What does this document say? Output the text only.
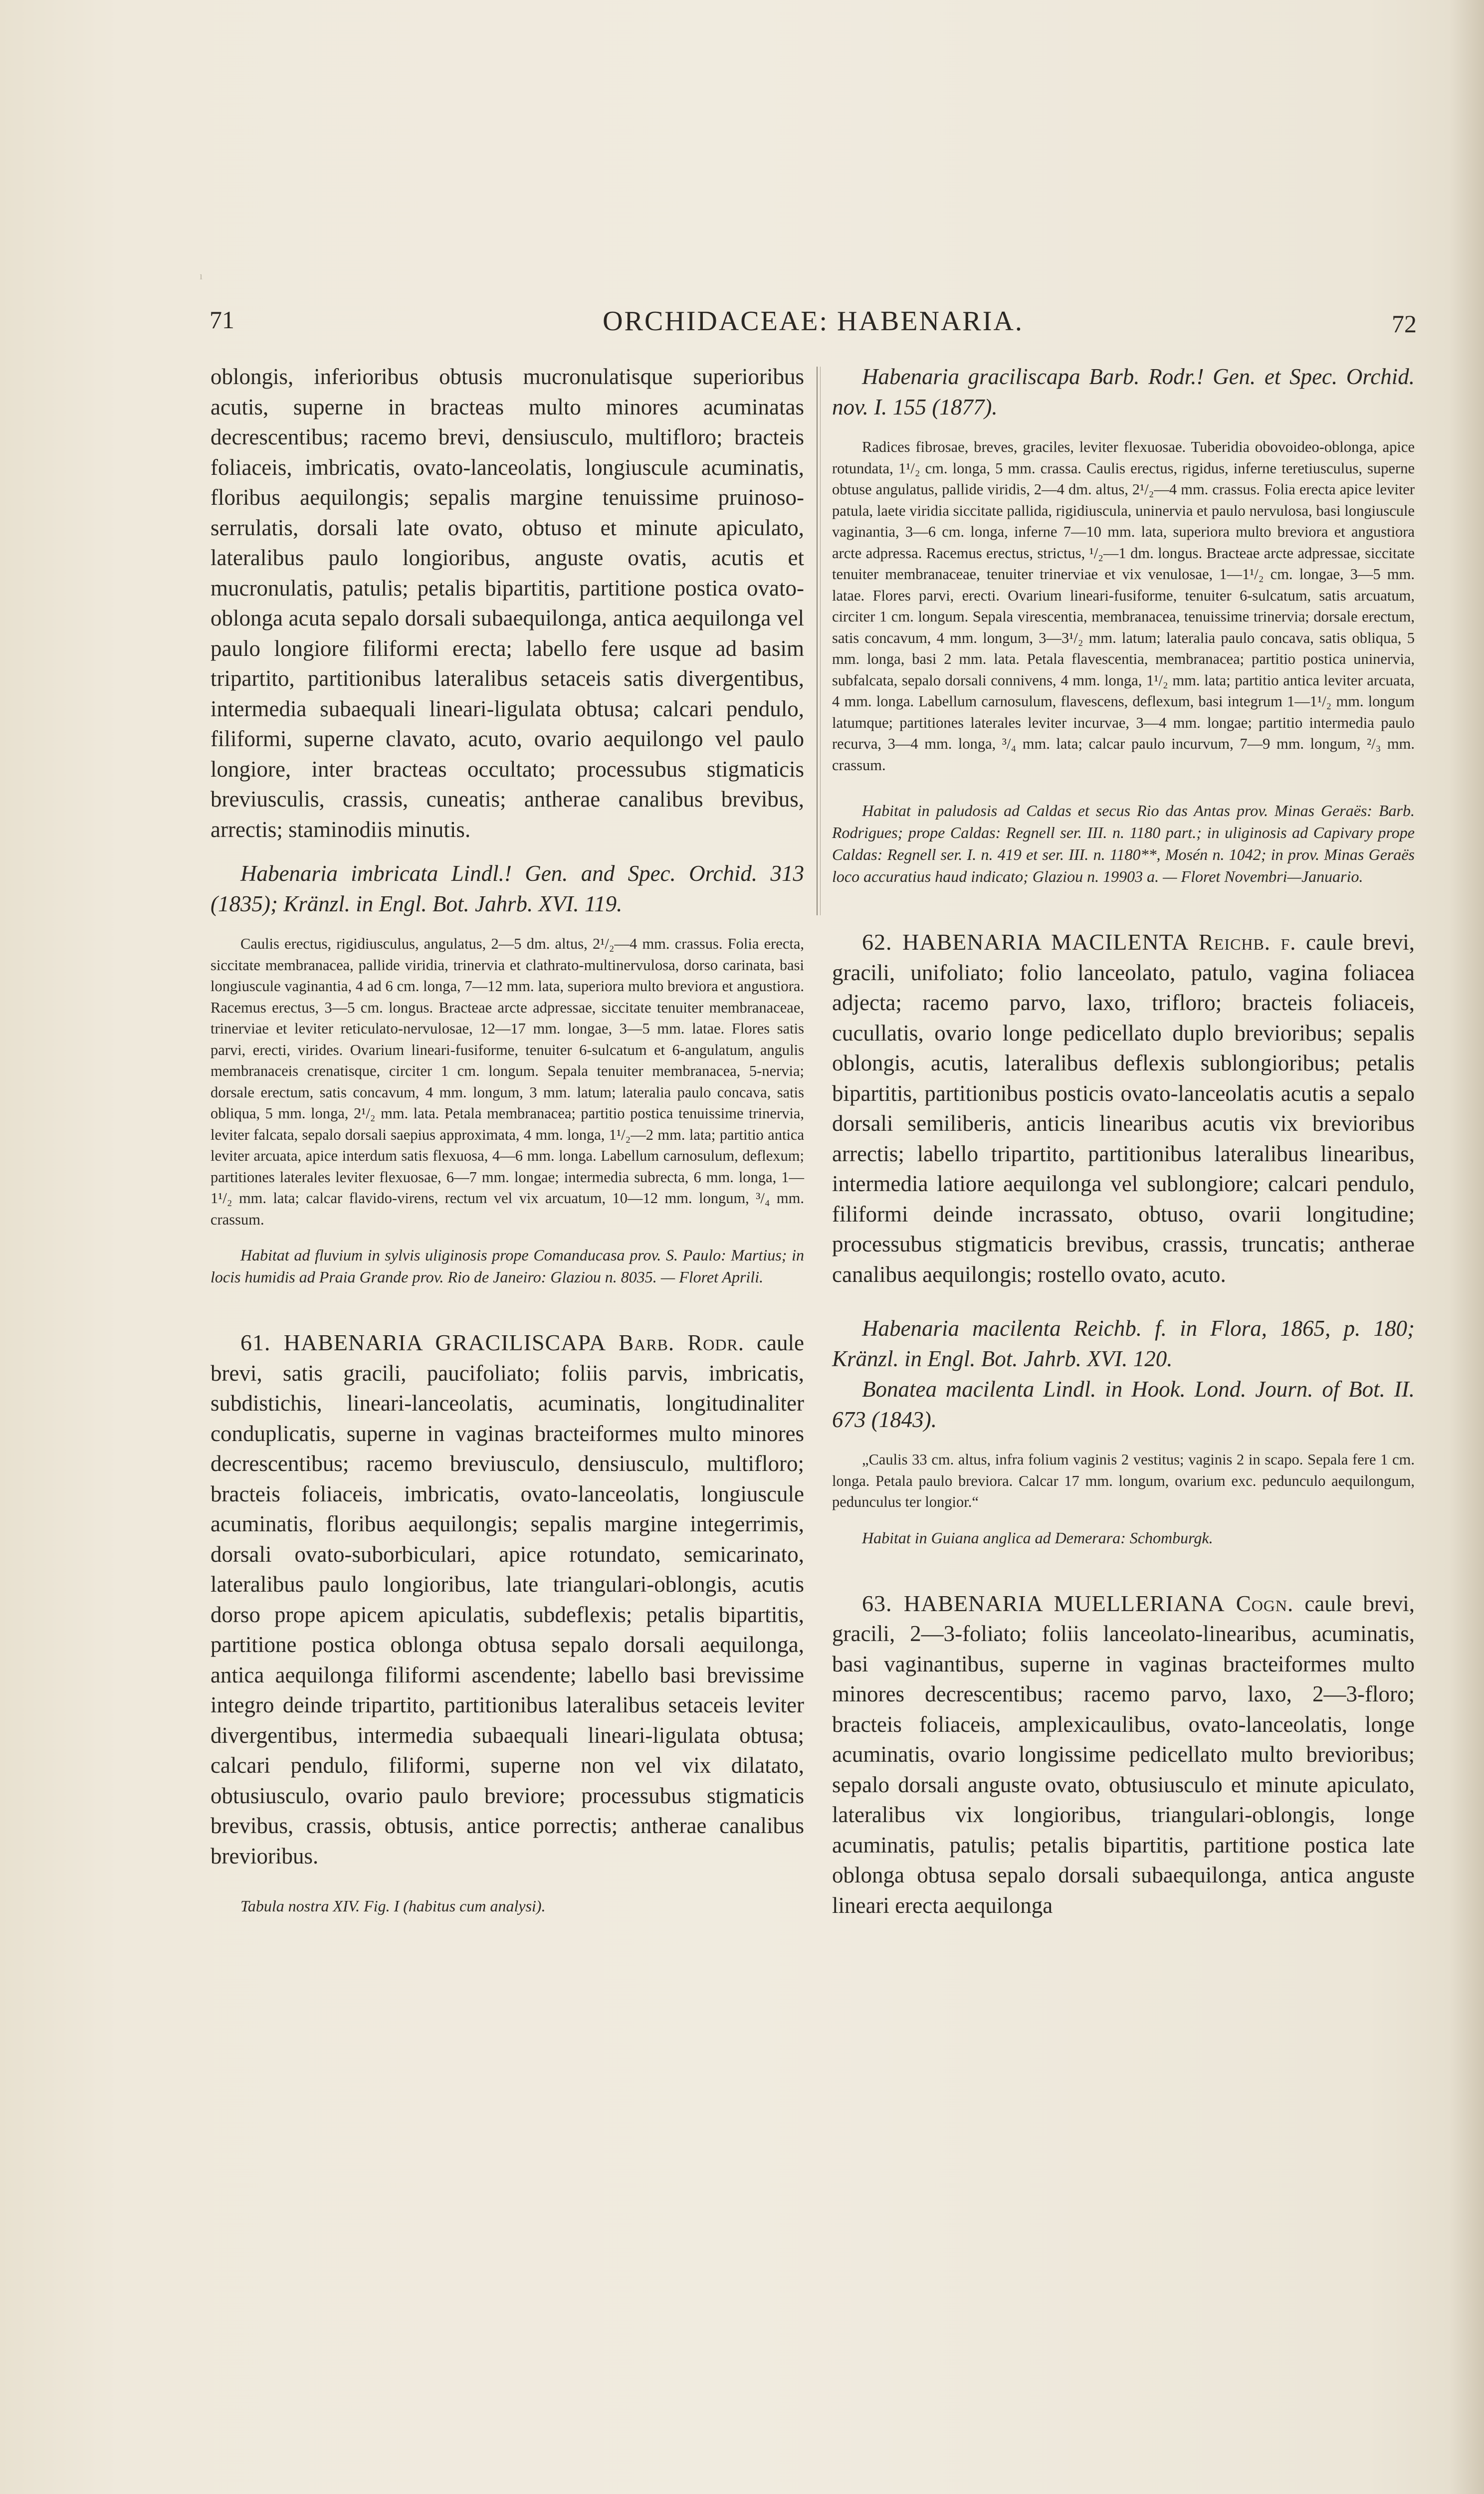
ı
71	ORCHIDACEAE: HABENARIA.	72

oblongis, inferioribus obtusis mucronulatisque superioribus acutis, superne in bracteas multo minores acuminatas decrescentibus; racemo brevi, densiusculo, multifloro; bracteis foliaceis, imbricatis, ovato-lanceolatis, longiuscule acuminatis, floribus aequilongis; sepalis margine tenuissime pruinoso-serrulatis, dorsali late ovato, obtuso et minute apiculato, lateralibus paulo longioribus, anguste ovatis, acutis et mucronulatis, patulis; petalis bipartitis, partitione postica ovato-oblonga acuta sepalo dorsali subaequilonga, antica aequilonga vel paulo longiore filiformi erecta; labello fere usque ad basim tripartito, partitionibus lateralibus setaceis satis divergentibus, intermedia subaequali lineari-ligulata obtusa; calcari pendulo, filiformi, superne clavato, acuto, ovario aequilongo vel paulo longiore, inter bracteas occultato; processubus stigmaticis breviusculis, crassis, cuneatis; antherae canalibus brevibus, arrectis; staminodiis minutis.

Habenaria imbricata Lindl.! Gen. and Spec. Orchid. 313 (1835); Kränzl. in Engl. Bot. Jahrb. XVI. 119.

Caulis erectus, rigidiusculus, angulatus, 2—5 dm. altus, 2¹/₂—4 mm. crassus. Folia erecta, siccitate membranacea, pallide viridia, trinervia et clathrato-multinervulosa, dorso carinata, basi longiuscule vaginantia, 4 ad 6 cm. longa, 7—12 mm. lata, superiora multo breviora et angustiora. Racemus erectus, 3—5 cm. longus. Bracteae arcte adpressae, siccitate tenuiter membranaceae, trinerviae et leviter reticulato-nervulosae, 12—17 mm. longae, 3—5 mm. latae. Flores satis parvi, erecti, virides. Ovarium lineari-fusiforme, tenuiter 6-sulcatum et 6-angulatum, angulis membranaceis crenatisque, circiter 1 cm. longum. Sepala tenuiter membranacea, 5-nervia; dorsale erectum, satis concavum, 4 mm. longum, 3 mm. latum; lateralia paulo concava, satis obliqua, 5 mm. longa, 2¹/₂ mm. lata. Petala membranacea; partitio postica tenuissime trinervia, leviter falcata, sepalo dorsali saepius approximata, 4 mm. longa, 1¹/₂—2 mm. lata; partitio antica leviter arcuata, apice interdum satis flexuosa, 4—6 mm. longa. Labellum carnosulum, deflexum; partitiones laterales leviter flexuosae, 6—7 mm. longae; intermedia subrecta, 6 mm. longa, 1—1¹/₂ mm. lata; calcar flavido-virens, rectum vel vix arcuatum, 10—12 mm. longum, ³/₄ mm. crassum.

Habitat ad fluvium in sylvis uliginosis prope Comanducasa prov. S. Paulo: Martius; in locis humidis ad Praia Grande prov. Rio de Janeiro: Glaziou n. 8035. — Floret Aprili.

61. HABENARIA GRACILISCAPA Barb. Rodr. caule brevi, satis gracili, paucifoliato; foliis parvis, imbricatis, subdistichis, lineari-lanceolatis, acuminatis, longitudinaliter conduplicatis, superne in vaginas bracteiformes multo minores decrescentibus; racemo breviusculo, densiusculo, multifloro; bracteis foliaceis, imbricatis, ovato-lanceolatis, longiuscule acuminatis, floribus aequilongis; sepalis margine integerrimis, dorsali ovato-suborbiculari, apice rotundato, semicarinato, lateralibus paulo longioribus, late triangulari-oblongis, acutis dorso prope apicem apiculatis, subdeflexis; petalis bipartitis, partitione postica oblonga obtusa sepalo dorsali aequilonga, antica aequilonga filiformi ascendente; labello basi brevissime integro deinde tripartito, partitionibus lateralibus setaceis leviter divergentibus, intermedia subaequali lineari-ligulata obtusa; calcari pendulo, filiformi, superne non vel vix dilatato, obtusiusculo, ovario paulo breviore; processubus stigmaticis brevibus, crassis, obtusis, antice porrectis; antherae canalibus brevioribus.

Tabula nostra XIV. Fig. I (habitus cum analysi).

Habenaria graciliscapa Barb. Rodr.! Gen. et Spec. Orchid. nov. I. 155 (1877).

Radices fibrosae, breves, graciles, leviter flexuosae. Tuberidia obovoideo-oblonga, apice rotundata, 1¹/₂ cm. longa, 5 mm. crassa. Caulis erectus, rigidus, inferne teretiusculus, superne obtuse angulatus, pallide viridis, 2—4 dm. altus, 2¹/₂—4 mm. crassus. Folia erecta apice leviter patula, laete viridia siccitate pallida, rigidiuscula, uninervia et paulo nervulosa, basi longiuscule vaginantia, 3—6 cm. longa, inferne 7—10 mm. lata, superiora multo breviora et angustiora arcte adpressa. Racemus erectus, strictus, ¹/₂—1 dm. longus. Bracteae arcte adpressae, siccitate tenuiter membranaceae, tenuiter trinerviae et vix venulosae, 1—1¹/₂ cm. longae, 3—5 mm. latae. Flores parvi, erecti. Ovarium lineari-fusiforme, tenuiter 6-sulcatum, satis arcuatum, circiter 1 cm. longum. Sepala virescentia, membranacea, tenuissime trinervia; dorsale erectum, satis concavum, 4 mm. longum, 3—3¹/₂ mm. latum; lateralia paulo concava, satis obliqua, 5 mm. longa, basi 2 mm. lata. Petala flavescentia, membranacea; partitio postica uninervia, subfalcata, sepalo dorsali connivens, 4 mm. longa, 1¹/₂ mm. lata; partitio antica leviter arcuata, 4 mm. longa. Labellum carnosulum, flavescens, deflexum, basi integrum 1—1¹/₂ mm. longum latumque; partitiones laterales leviter incurvae, 3—4 mm. longae; partitio intermedia paulo recurva, 3—4 mm. longa, ³/₄ mm. lata; calcar paulo incurvum, 7—9 mm. longum, ²/₃ mm. crassum.

Habitat in paludosis ad Caldas et secus Rio das Antas prov. Minas Geraës: Barb. Rodrigues; prope Caldas: Regnell ser. III. n. 1180 part.; in uliginosis ad Capivary prope Caldas: Regnell ser. I. n. 419 et ser. III. n. 1180**, Mosén n. 1042; in prov. Minas Geraës loco accuratius haud indicato; Glaziou n. 19903 a. — Floret Novembri—Januario.

62. HABENARIA MACILENTA Reichb. f. caule brevi, gracili, unifoliato; folio lanceolato, patulo, vagina foliacea adjecta; racemo parvo, laxo, trifloro; bracteis foliaceis, cucullatis, ovario longe pedicellato duplo brevioribus; sepalis oblongis, acutis, lateralibus deflexis sublongioribus; petalis bipartitis, partitionibus posticis ovato-lanceolatis acutis a sepalo dorsali semiliberis, anticis linearibus acutis vix brevioribus arrectis; labello tripartito, partitionibus lateralibus linearibus, intermedia latiore aequilonga vel sublongiore; calcari pendulo, filiformi deinde incrassato, obtuso, ovarii longitudine; processubus stigmaticis brevibus, crassis, truncatis; antherae canalibus aequilongis; rostello ovato, acuto.

Habenaria macilenta Reichb. f. in Flora, 1865, p. 180; Kränzl. in Engl. Bot. Jahrb. XVI. 120.

Bonatea macilenta Lindl. in Hook. Lond. Journ. of Bot. II. 673 (1843).

„Caulis 33 cm. altus, infra folium vaginis 2 vestitus; vaginis 2 in scapo. Sepala fere 1 cm. longa. Petala paulo breviora. Calcar 17 mm. longum, ovarium exc. pedunculo aequilongum, pedunculus ter longior.“

Habitat in Guiana anglica ad Demerara: Schomburgk.

63. HABENARIA MUELLERIANA Cogn. caule brevi, gracili, 2—3-foliato; foliis lanceolato-linearibus, acuminatis, basi vaginantibus, superne in vaginas bracteiformes multo minores decrescentibus; racemo parvo, laxo, 2—3-floro; bracteis foliaceis, amplexicaulibus, ovato-lanceolatis, longe acuminatis, ovario longissime pedicellato multo brevioribus; sepalo dorsali anguste ovato, obtusiusculo et minute apiculato, lateralibus vix longioribus, triangulari-oblongis, longe acuminatis, patulis; petalis bipartitis, partitione postica late oblonga obtusa sepalo dorsali subaequilonga, antica anguste lineari erecta aequilonga
